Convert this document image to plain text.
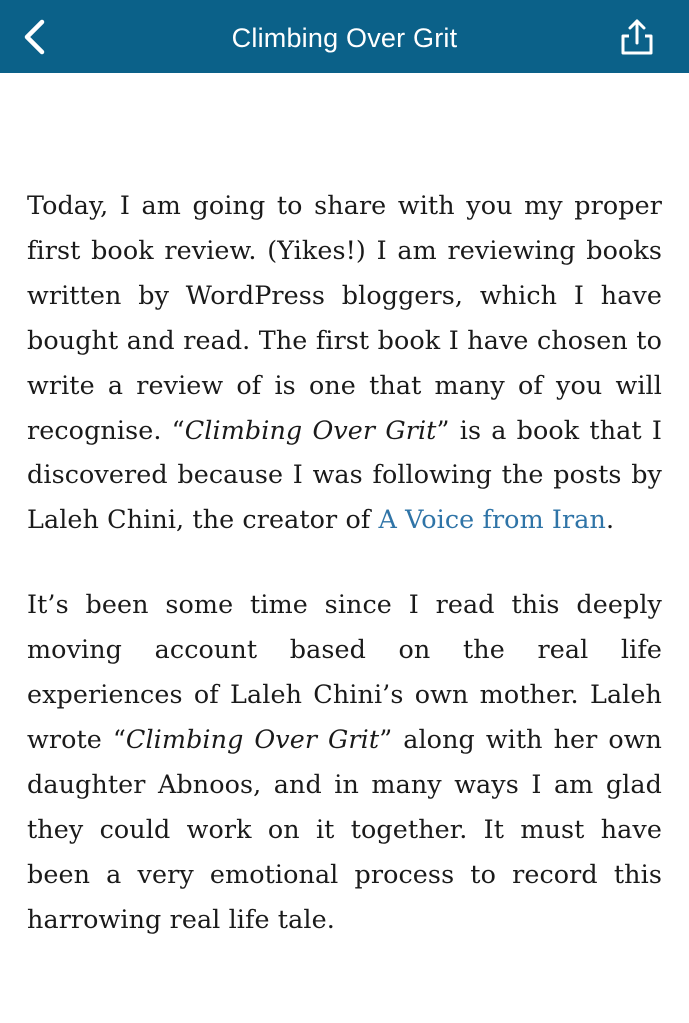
Climbing Over Grit

Today, I am going to share with you my proper first book review. (Yikes!) I am reviewing books written by WordPress bloggers, which I have bought and read. The first book I have chosen to write a review of is one that many of you will recognise. “Climbing Over Grit” is a book that I discovered because I was following the posts by Laleh Chini, the creator of A Voice from Iran.

It’s been some time since I read this deeply moving account based on the real life experiences of Laleh Chini’s own mother. Laleh wrote “Climbing Over Grit” along with her own daughter Abnoos, and in many ways I am glad they could work on it together. It must have been a very emotional process to record this harrowing real life tale.
